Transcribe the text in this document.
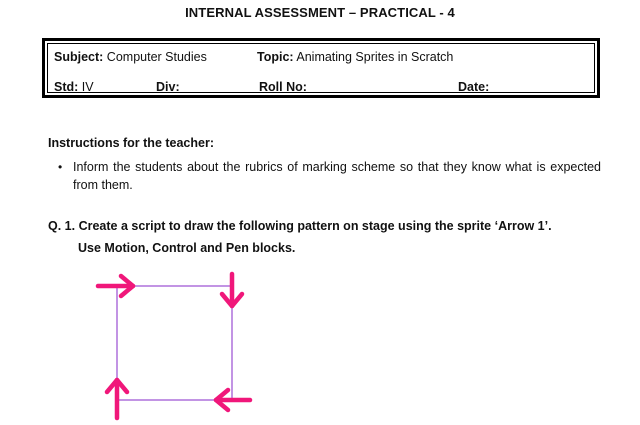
INTERNAL ASSESSMENT – PRACTICAL - 4
Subject: Computer Studies	Topic: Animating Sprites in Scratch
Std: IV	Div:	Roll No:	Date:
Instructions for the teacher:
• Inform the students about the rubrics of marking scheme so that they know what is expected from them.
Q. 1. Create a script to draw the following pattern on stage using the sprite ‘Arrow 1’.
Use Motion, Control and Pen blocks.
